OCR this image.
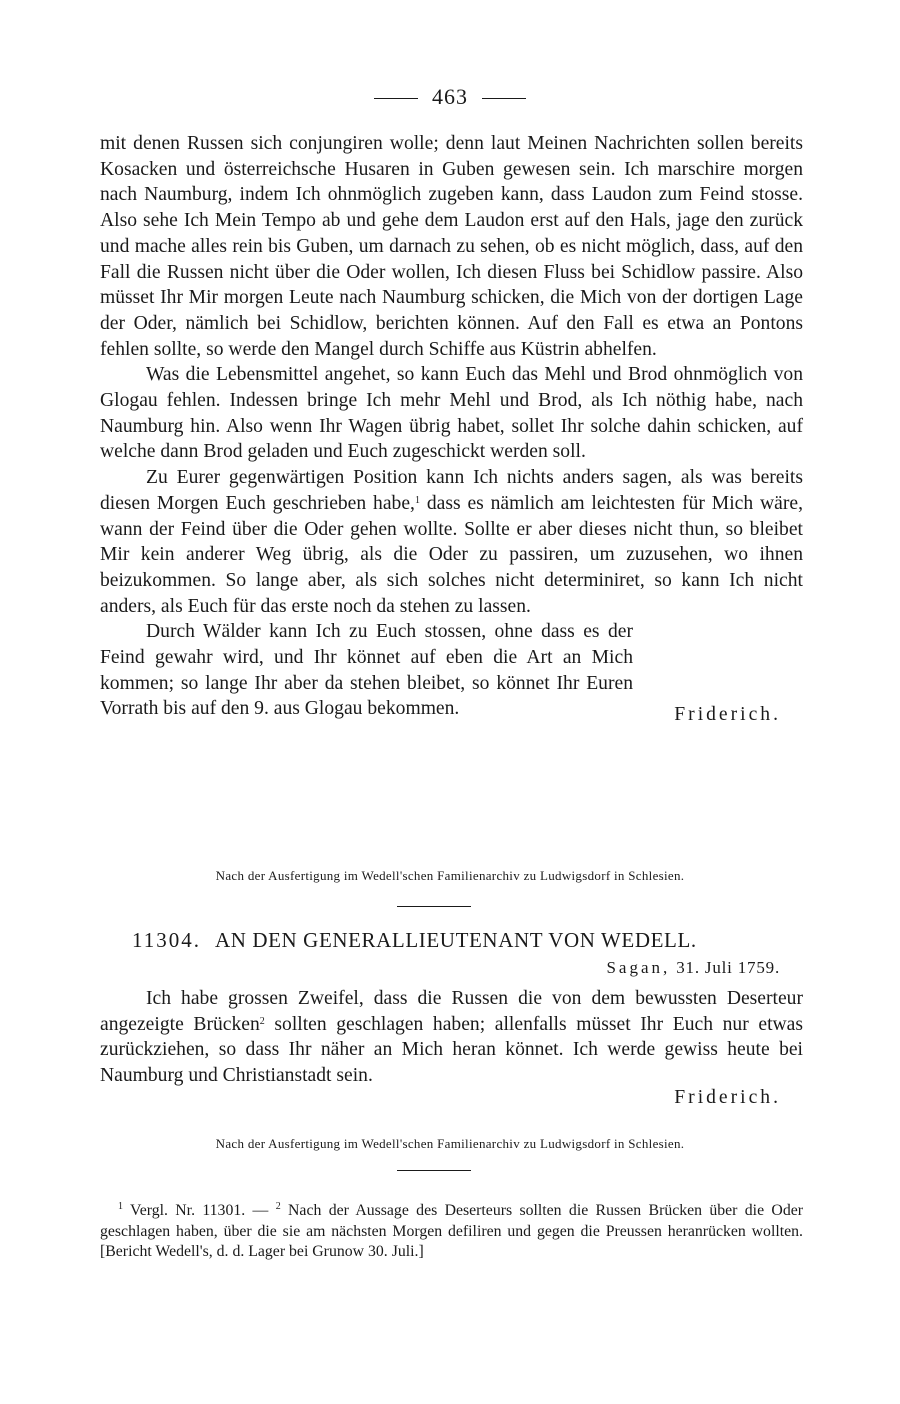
463

mit denen Russen sich conjungiren wolle; denn laut Meinen Nachrichten sollen bereits Kosacken und österreichsche Husaren in Guben gewesen sein. Ich marschire morgen nach Naumburg, indem Ich ohnmöglich zugeben kann, dass Laudon zum Feind stosse. Also sehe Ich Mein Tempo ab und gehe dem Laudon erst auf den Hals, jage den zurück und mache alles rein bis Guben, um darnach zu sehen, ob es nicht möglich, dass, auf den Fall die Russen nicht über die Oder wollen, Ich diesen Fluss bei Schidlow passire. Also müsset Ihr Mir morgen Leute nach Naumburg schicken, die Mich von der dortigen Lage der Oder, nämlich bei Schidlow, berichten können. Auf den Fall es etwa an Pontons fehlen sollte, so werde den Mangel durch Schiffe aus Küstrin abhelfen.

Was die Lebensmittel angehet, so kann Euch das Mehl und Brod ohnmöglich von Glogau fehlen. Indessen bringe Ich mehr Mehl und Brod, als Ich nöthig habe, nach Naumburg hin. Also wenn Ihr Wagen übrig habet, sollet Ihr solche dahin schicken, auf welche dann Brod geladen und Euch zugeschickt werden soll.

Zu Eurer gegenwärtigen Position kann Ich nichts anders sagen, als was bereits diesen Morgen Euch geschrieben habe,$^1$ dass es nämlich am leichtesten für Mich wäre, wann der Feind über die Oder gehen wollte. Sollte er aber dieses nicht thun, so bleibet Mir kein anderer Weg übrig, als die Oder zu passiren, um zuzusehen, wo ihnen beizukommen. So lange aber, als sich solches nicht determiniret, so kann Ich nicht anders, als Euch für das erste noch da stehen zu lassen.

Durch Wälder kann Ich zu Euch stossen, ohne dass es der Feind gewahr wird, und Ihr könnet auf eben die Art an Mich kommen; so lange Ihr aber da stehen bleibet, so könnet Ihr Euren Vorrath bis auf den 9. aus Glogau bekommen.	Friderich.
Nach der Ausfertigung im Wedell'schen Familienarchiv zu Ludwigsdorf in Schlesien.
11304. AN DEN GENERALLIEUTENANT VON WEDELL.
Sagan, 31. Juli 1759.

Ich habe grossen Zweifel, dass die Russen die von dem bewussten Deserteur angezeigte Brücken$^2$ sollten geschlagen haben; allenfalls müsset Ihr Euch nur etwas zurückziehen, so dass Ihr näher an Mich heran könnet. Ich werde gewiss heute bei Naumburg und Christianstadt sein.

Friderich.
Nach der Ausfertigung im Wedell'schen Familienarchiv zu Ludwigsdorf in Schlesien.

$^1$ Vergl. Nr. 11301. — $^2$ Nach der Aussage des Deserteurs sollten die Russen Brücken über die Oder geschlagen haben, über die sie am nächsten Morgen defiliren und gegen die Preussen heranrücken wollten. [Bericht Wedell's, d. d. Lager bei Grunow 30. Juli.]
